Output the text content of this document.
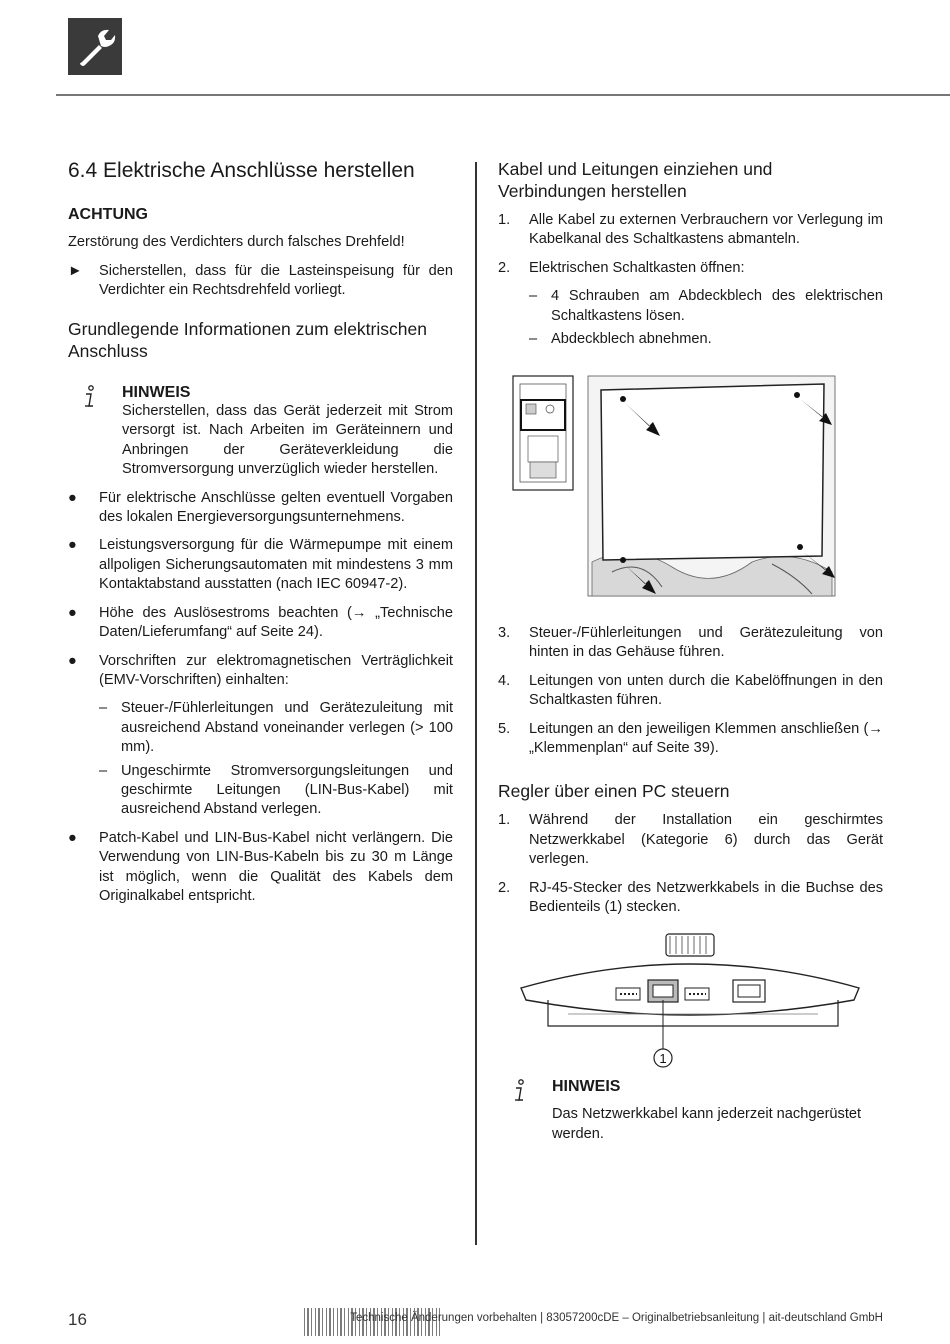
6.4 Elektrische Anschlüsse herstellen
ACHTUNG

Zerstörung des Verdichters durch falsches Drehfeld!

► Sicherstellen, dass für die Lasteinspeisung für den Verdichter ein Rechtsdrehfeld vorliegt.
Grundlegende Informationen zum elektrischen Anschluss
HINWEIS

Sicherstellen, dass das Gerät jederzeit mit Strom versorgt ist. Nach Arbeiten im Geräteinnern und Anbringen der Geräteverkleidung die Stromversorgung unverzüglich wieder herstellen.

● Für elektrische Anschlüsse gelten eventuell Vorgaben des lokalen Energieversorgungsunternehmens.
● Leistungsversorgung für die Wärmepumpe mit einem allpoligen Sicherungsautomaten mit mindestens 3 mm Kontaktabstand ausstatten (nach IEC 60947-2).
● Höhe des Auslösestroms beachten (→ „Technische Daten/Lieferumfang“ auf Seite 24).
● Vorschriften zur elektromagnetischen Verträglichkeit (EMV-Vorschriften) einhalten:
– Steuer-/Fühlerleitungen und Gerätezuleitung mit ausreichend Abstand voneinander verlegen (> 100 mm).
– Ungeschirmte Stromversorgungsleitungen und geschirmte Leitungen (LIN-Bus-Kabel) mit ausreichend Abstand verlegen.
● Patch-Kabel und LIN-Bus-Kabel nicht verlängern. Die Verwendung von LIN-Bus-Kabeln bis zu 30 m Länge ist möglich, wenn die Qualität des Kabels dem Originalkabel entspricht.
Kabel und Leitungen einziehen und Verbindungen herstellen
1. Alle Kabel zu externen Verbrauchern vor Verlegung im Kabelkanal des Schaltkastens abmanteln.
2. Elektrischen Schaltkasten öffnen:
– 4 Schrauben am Abdeckblech des elektrischen Schaltkastens lösen.
– Abdeckblech abnehmen.
3. Steuer-/Fühlerleitungen und Gerätezuleitung von hinten in das Gehäuse führen.
4. Leitungen von unten durch die Kabelöffnungen in den Schaltkasten führen.
5. Leitungen an den jeweiligen Klemmen anschließen (→ „Klemmenplan“ auf Seite 39).
Regler über einen PC steuern
1. Während der Installation ein geschirmtes Netzwerkkabel (Kategorie 6) durch das Gerät verlegen.
2. RJ-45-Stecker des Netzwerkkabels in die Buchse des Bedienteils (1) stecken.
1
HINWEIS

Das Netzwerkkabel kann jederzeit nachgerüstet werden.

16	Technische Änderungen vorbehalten | 83057200cDE – Originalbetriebsanleitung | ait-deutschland GmbH
